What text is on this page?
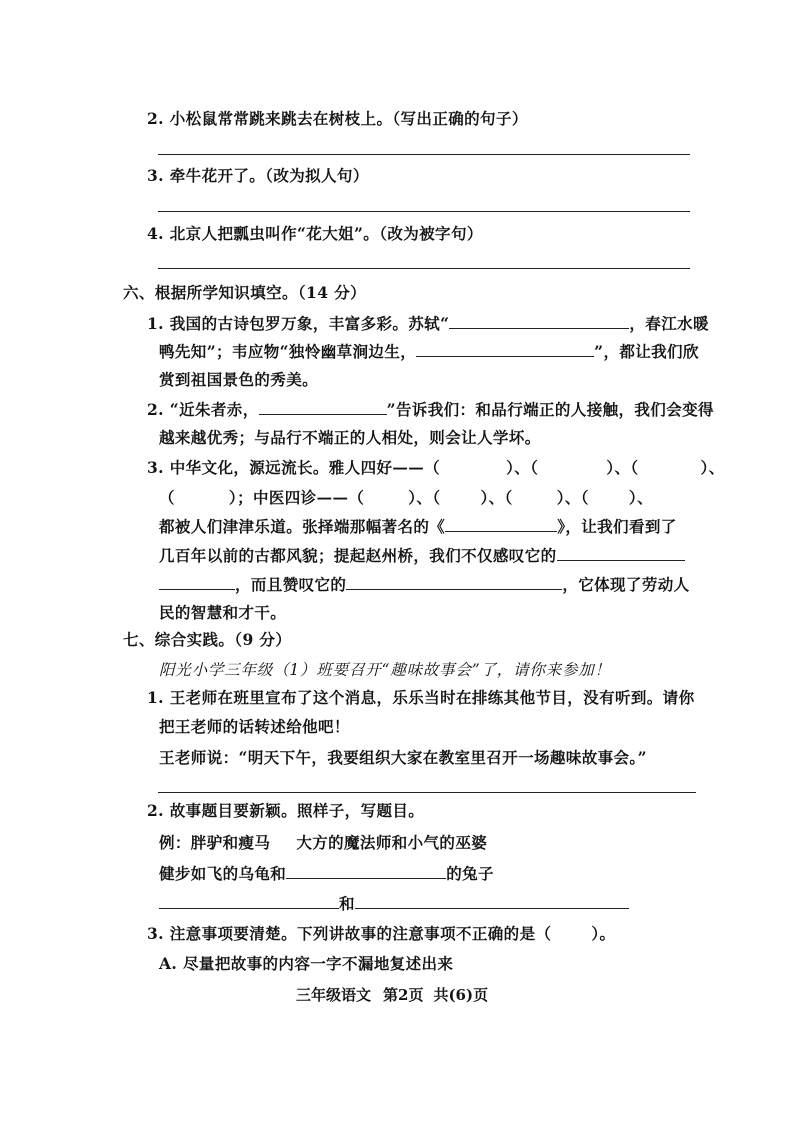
2. 小松鼠常常跳来跳去在树枝上。（写出正确的句子）
3. 牵牛花开了。（改为拟人句）
4. 北京人把瓢虫叫作“花大姐”。（改为被字句）
六、根据所学知识填空。（14 分）
1. 我国的古诗包罗万象，丰富多彩。苏轼“	，春江水暖
鸭先知”；韦应物“独怜幽草涧边生，	”，都让我们欣
赏到祖国景色的秀美。
2. “近朱者赤，	”告诉我们：和品行端正的人接触，我们会变得
越来越优秀；与品行不端正的人相处，则会让人学坏。
3. 中华文化，源远流长。雅人四好——（	）、（	）、（	）、
（	）；中医四诊——（	）、（	）、（	）、（	）、
都被人们津津乐道。张择端那幅著名的《	》，让我们看到了
几百年以前的古都风貌；提起赵州桥，我们不仅感叹它的
，而且赞叹它的	，它体现了劳动人
民的智慧和才干。
七、综合实践。（9 分）
阳光小学三年级（1）班要召开“趣味故事会”了，请你来参加！
1. 王老师在班里宣布了这个消息，乐乐当时在排练其他节目，没有听到。请你
把王老师的话转述给他吧！
王老师说：“明天下午，我要组织大家在教室里召开一场趣味故事会。”
2. 故事题目要新颖。照样子，写题目。
例：胖驴和瘦马 大方的魔法师和小气的巫婆
健步如飞的乌龟和	的兔子
和
3. 注意事项要清楚。下列讲故事的注意事项不正确的是（	）。
A. 尽量把故事的内容一字不漏地复述出来
三年级语文 第2页 共(6)页
